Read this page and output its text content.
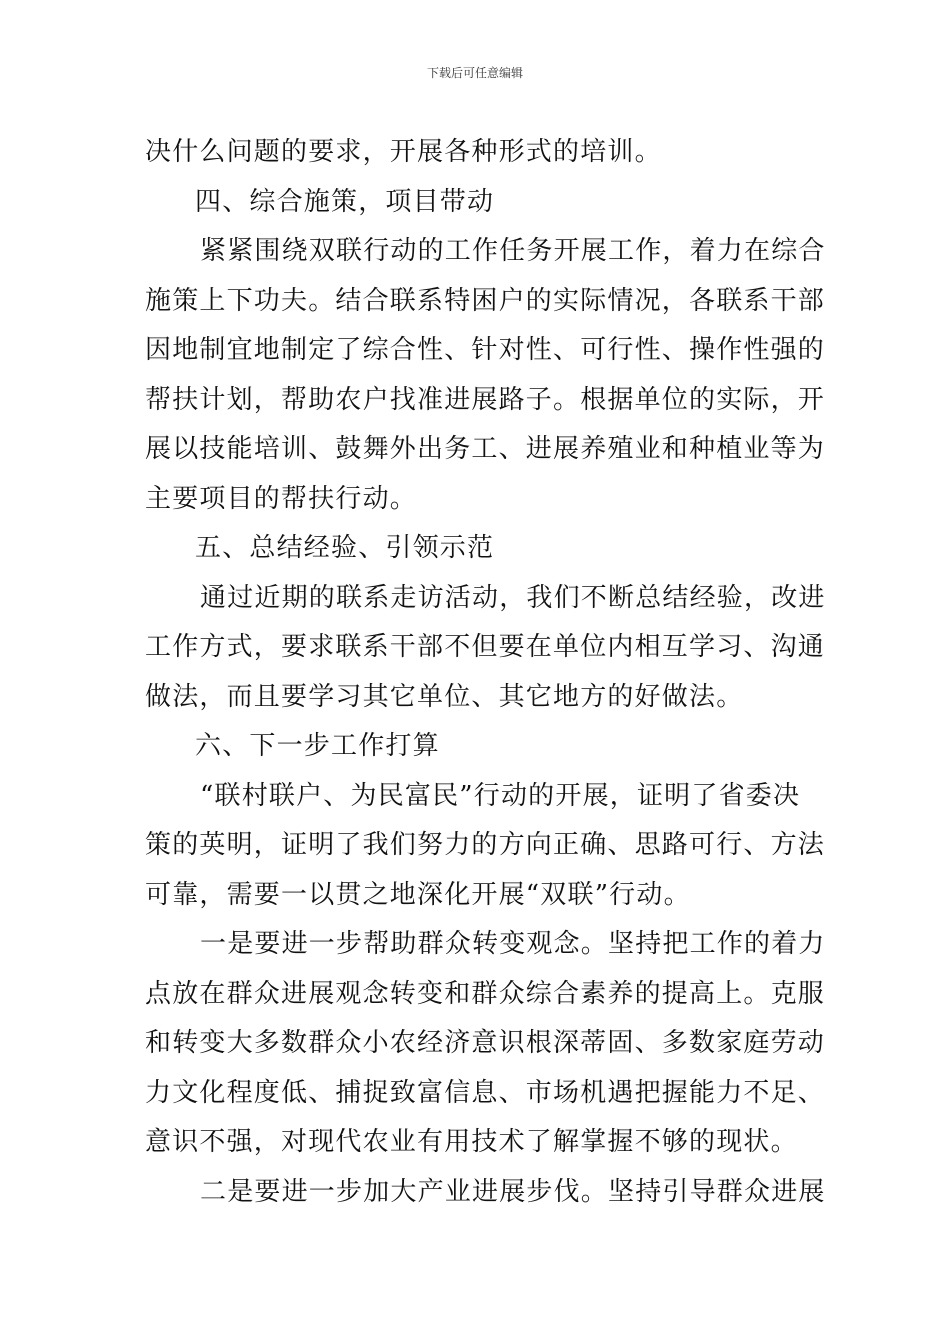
下载后可任意编辑
决什么问题的要求，开展各种形式的培训。
四、综合施策，项目带动
紧紧围绕双联行动的工作任务开展工作，着力在综合
施策上下功夫。结合联系特困户的实际情况，各联系干部
因地制宜地制定了综合性、针对性、可行性、操作性强的
帮扶计划，帮助农户找准进展路子。根据单位的实际，开
展以技能培训、鼓舞外出务工、进展养殖业和种植业等为
主要项目的帮扶行动。
五、总结经验、引领示范
通过近期的联系走访活动，我们不断总结经验，改进
工作方式，要求联系干部不但要在单位内相互学习、沟通
做法，而且要学习其它单位、其它地方的好做法。
六、下一步工作打算
“联村联户、为民富民”行动的开展，证明了省委决
策的英明，证明了我们努力的方向正确、思路可行、方法
可靠，需要一以贯之地深化开展“双联”行动。
一是要进一步帮助群众转变观念。坚持把工作的着力
点放在群众进展观念转变和群众综合素养的提高上。克服
和转变大多数群众小农经济意识根深蒂固、多数家庭劳动
力文化程度低、捕捉致富信息、市场机遇把握能力不足、
意识不强，对现代农业有用技术了解掌握不够的现状。
二是要进一步加大产业进展步伐。坚持引导群众进展
